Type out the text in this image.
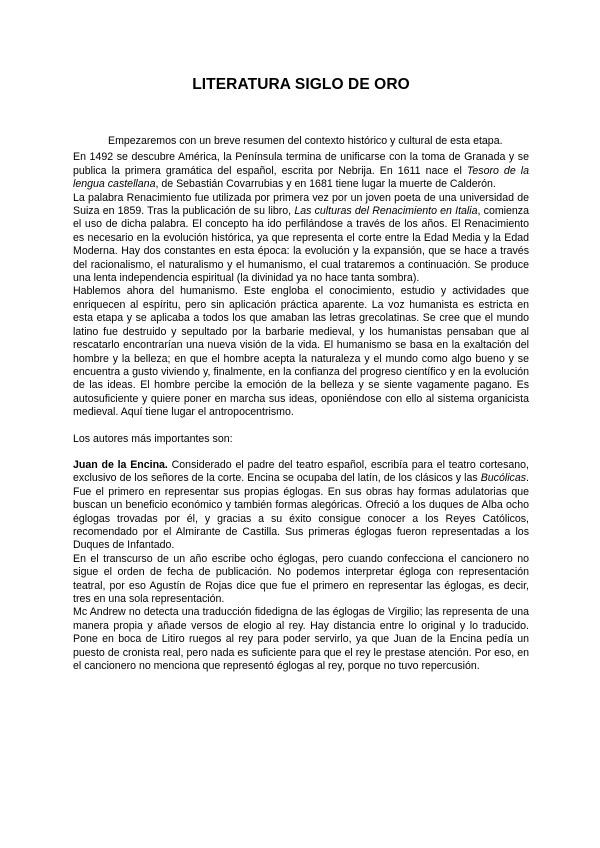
LITERATURA SIGLO DE ORO

Empezaremos con un breve resumen del contexto histórico y cultural de esta etapa.

En 1492 se descubre América, la Península termina de unificarse con la toma de Granada y se publica la primera gramática del español, escrita por Nebrija. En 1611 nace el Tesoro de la lengua castellana, de Sebastián Covarrubias y en 1681 tiene lugar la muerte de Calderón.

La palabra Renacimiento fue utilizada por primera vez por un joven poeta de una universidad de Suiza en 1859. Tras la publicación de su libro, Las culturas del Renacimiento en Italia, comienza el uso de dicha palabra. El concepto ha ido perfilándose a través de los años. El Renacimiento es necesario en la evolución histórica, ya que representa el corte entre la Edad Media y la Edad Moderna. Hay dos constantes en esta época: la evolución y la expansión, que se hace a través del racionalismo, el naturalismo y el humanismo, el cual trataremos a continuación. Se produce una lenta independencia espiritual (la divinidad ya no hace tanta sombra).

Hablemos ahora del humanismo. Este engloba el conocimiento, estudio y actividades que enriquecen al espíritu, pero sin aplicación práctica aparente. La voz humanista es estricta en esta etapa y se aplicaba a todos los que amaban las letras grecolatinas. Se cree que el mundo latino fue destruido y sepultado por la barbarie medieval, y los humanistas pensaban que al rescatarlo encontrarían una nueva visión de la vida. El humanismo se basa en la exaltación del hombre y la belleza; en que el hombre acepta la naturaleza y el mundo como algo bueno y se encuentra a gusto viviendo y, finalmente, en la confianza del progreso científico y en la evolución de las ideas. El hombre percibe la emoción de la belleza y se siente vagamente pagano. Es autosuficiente y quiere poner en marcha sus ideas, oponiéndose con ello al sistema organicista medieval. Aquí tiene lugar el antropocentrismo.

Los autores más importantes son:

Juan de la Encina. Considerado el padre del teatro español, escribía para el teatro cortesano, exclusivo de los señores de la corte. Encina se ocupaba del latín, de los clásicos y las Bucólicas. Fue el primero en representar sus propias églogas. En sus obras hay formas adulatorias que buscan un beneficio económico y también formas alegóricas. Ofreció a los duques de Alba ocho églogas trovadas por él, y gracias a su éxito consigue conocer a los Reyes Católicos, recomendado por el Almirante de Castilla. Sus primeras églogas fueron representadas a los Duques de Infantado.

En el transcurso de un año escribe ocho églogas, pero cuando confecciona el cancionero no sigue el orden de fecha de publicación. No podemos interpretar égloga con representación teatral, por eso Agustín de Rojas dice que fue el primero en representar las églogas, es decir, tres en una sola representación.

Mc Andrew no detecta una traducción fidedigna de las églogas de Virgilio; las representa de una manera propia y añade versos de elogio al rey. Hay distancia entre lo original y lo traducido. Pone en boca de Litiro ruegos al rey para poder servirlo, ya que Juan de la Encina pedía un puesto de cronista real, pero nada es suficiente para que el rey le prestase atención. Por eso, en el cancionero no menciona que representó églogas al rey, porque no tuvo repercusión.
